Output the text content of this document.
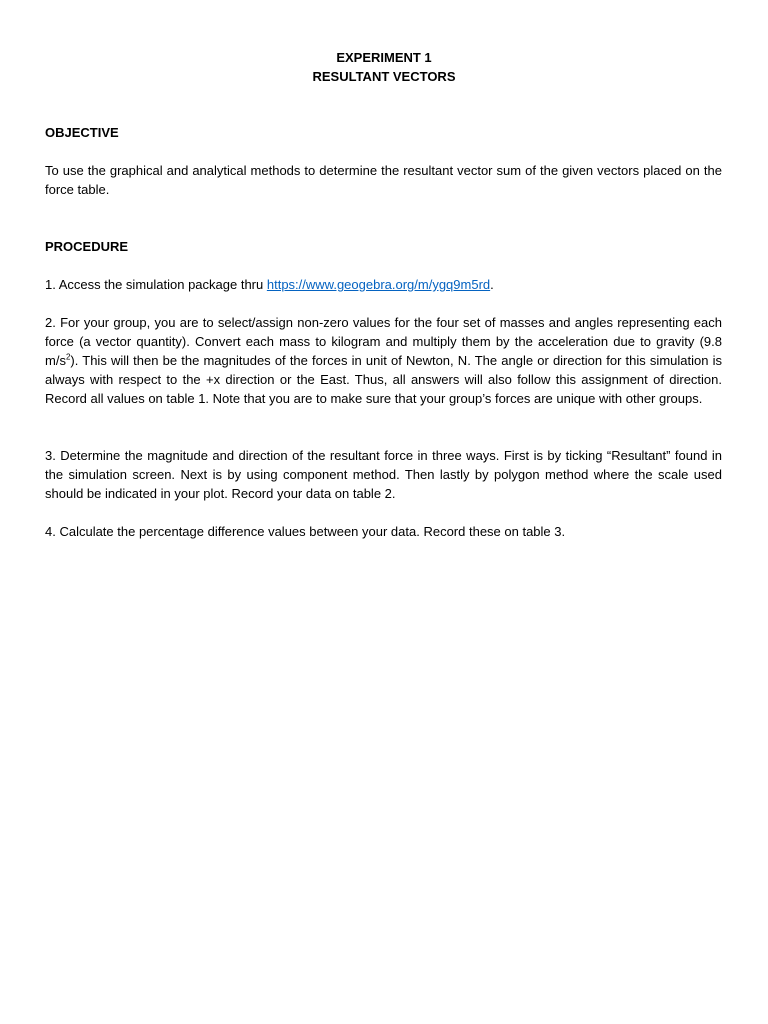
EXPERIMENT 1
RESULTANT VECTORS
OBJECTIVE
To use the graphical and analytical methods to determine the resultant vector sum of the given vectors placed on the force table.
PROCEDURE
1. Access the simulation package thru https://www.geogebra.org/m/ygq9m5rd.
2. For your group, you are to select/assign non-zero values for the four set of masses and angles representing each force (a vector quantity). Convert each mass to kilogram and multiply them by the acceleration due to gravity (9.8 $m/s^2$). This will then be the magnitudes of the forces in unit of Newton, N. The angle or direction for this simulation is always with respect to the +x direction or the East. Thus, all answers will also follow this assignment of direction. Record all values on table 1. Note that you are to make sure that your group’s forces are unique with other groups.
3. Determine the magnitude and direction of the resultant force in three ways. First is by ticking “Resultant” found in the simulation screen. Next is by using component method. Then lastly by polygon method where the scale used should be indicated in your plot. Record your data on table 2.
4. Calculate the percentage difference values between your data. Record these on table 3.
